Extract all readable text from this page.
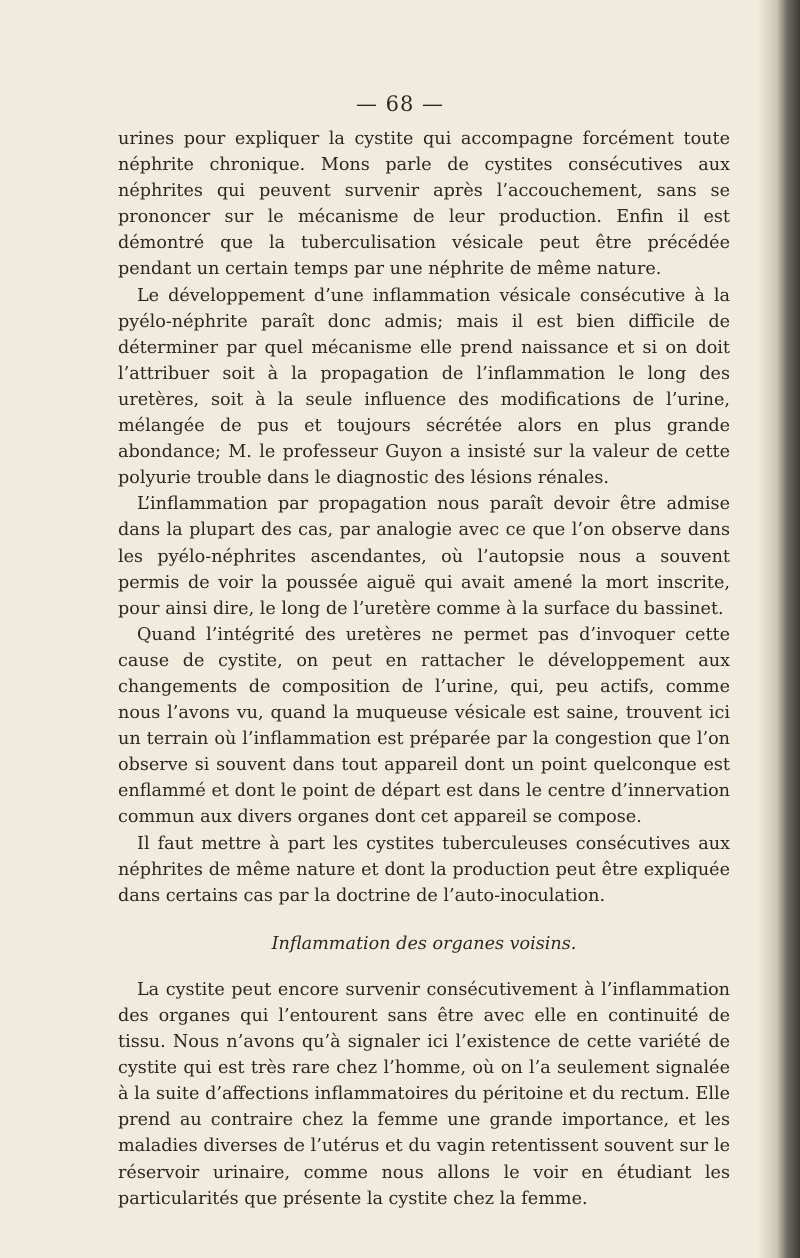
— 68 —

urines pour expliquer la cystite qui accompagne forcément toute néphrite chronique. Mons parle de cystites consécutives aux néphrites qui peuvent survenir après l’accouchement, sans se prononcer sur le mécanisme de leur production. Enfin il est démontré que la tuberculisation vésicale peut être précédée pendant un certain temps par une néphrite de même nature.

Le développement d’une inflammation vésicale consécutive à la pyélo-néphrite paraît donc admis; mais il est bien difficile de déterminer par quel mécanisme elle prend naissance et si on doit l’attribuer soit à la propagation de l’inflammation le long des uretères, soit à la seule influence des modifications de l’urine, mélangée de pus et toujours sécrétée alors en plus grande abondance; M. le professeur Guyon a insisté sur la valeur de cette polyurie trouble dans le diagnostic des lésions rénales.

L’inflammation par propagation nous paraît devoir être admise dans la plupart des cas, par analogie avec ce que l’on observe dans les pyélo-néphrites ascendantes, où l’autopsie nous a souvent permis de voir la poussée aiguë qui avait amené la mort inscrite, pour ainsi dire, le long de l’uretère comme à la surface du bassinet.

Quand l’intégrité des uretères ne permet pas d’invoquer cette cause de cystite, on peut en rattacher le développement aux changements de composition de l’urine, qui, peu actifs, comme nous l’avons vu, quand la muqueuse vésicale est saine, trouvent ici un terrain où l’inflammation est préparée par la congestion que l’on observe si souvent dans tout appareil dont un point quelconque est enflammé et dont le point de départ est dans le centre d’innervation commun aux divers organes dont cet appareil se compose.

Il faut mettre à part les cystites tuberculeuses consécutives aux néphrites de même nature et dont la production peut être expliquée dans certains cas par la doctrine de l’auto-inoculation.

Inflammation des organes voisins.

La cystite peut encore survenir consécutivement à l’inflammation des organes qui l’entourent sans être avec elle en continuité de tissu. Nous n’avons qu’à signaler ici l’existence de cette variété de cystite qui est très rare chez l’homme, où on l’a seulement signalée à la suite d’affections inflammatoires du péritoine et du rectum. Elle prend au contraire chez la femme une grande importance, et les maladies diverses de l’utérus et du vagin retentissent souvent sur le réservoir urinaire, comme nous allons le voir en étudiant les particularités que présente la cystite chez la femme.
